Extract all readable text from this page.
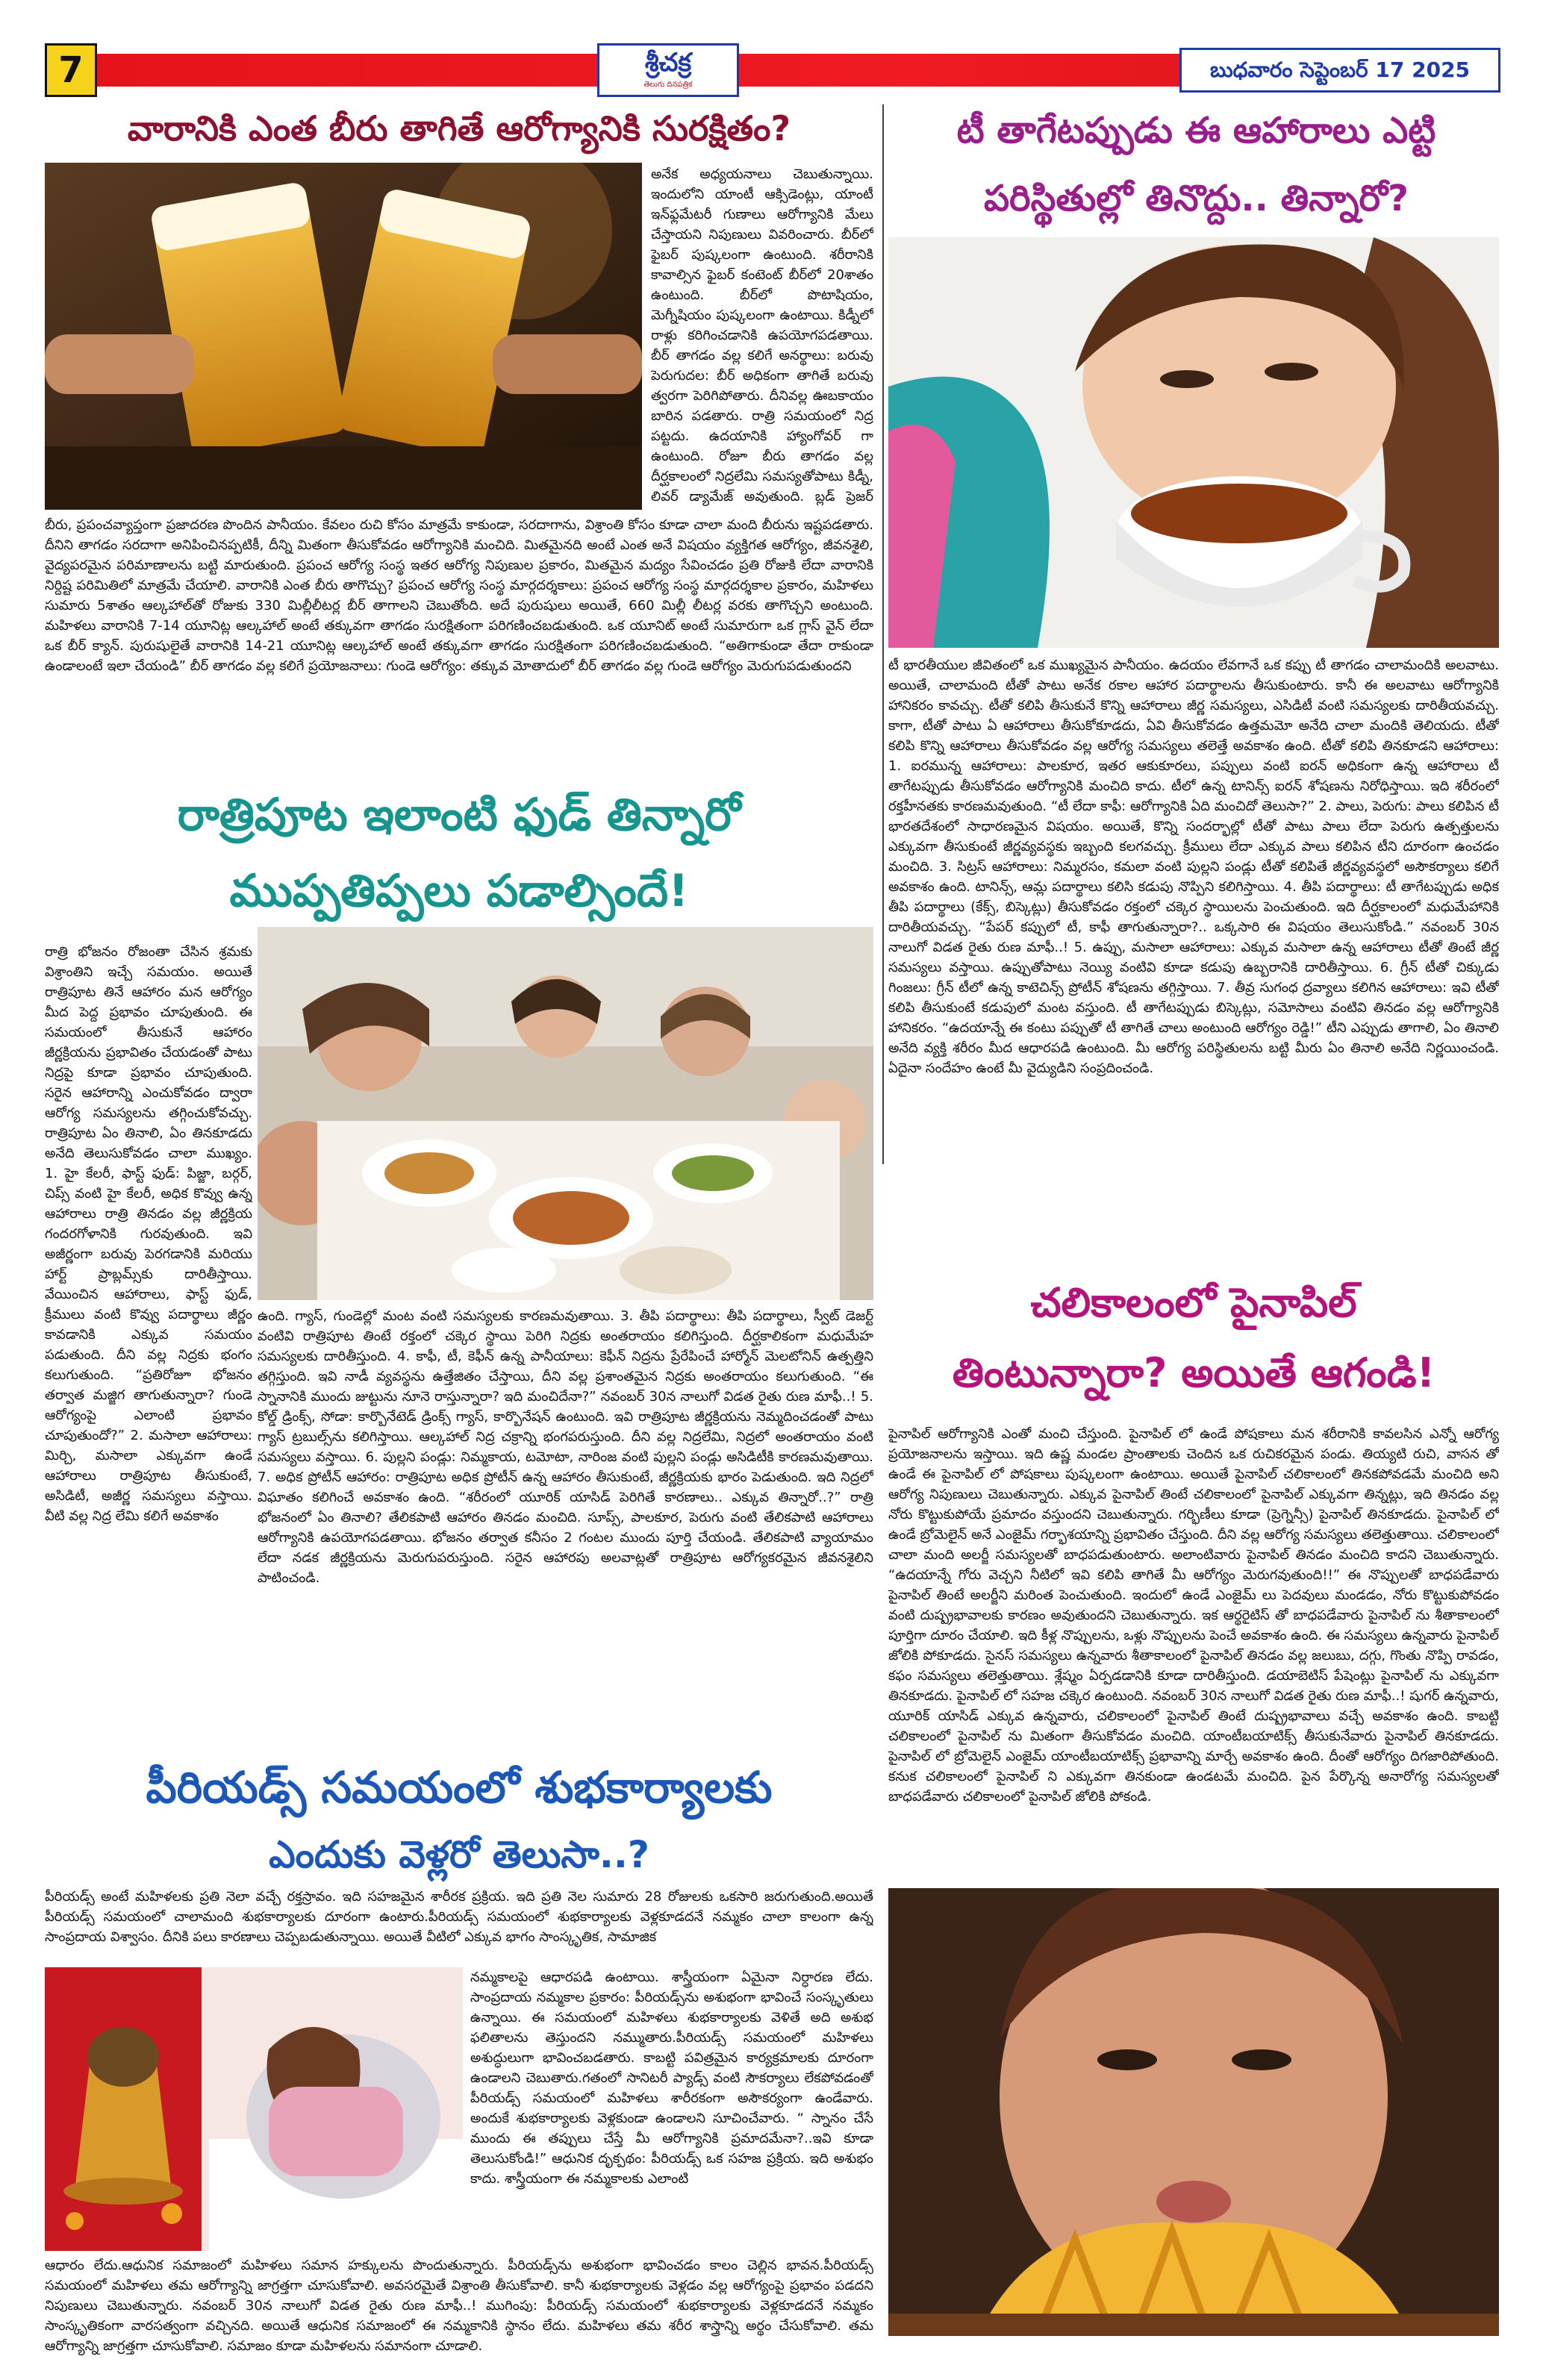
7	శ్రీచక్ర
తెలుగు దినపత్రిక
బుధవారం సెప్టెంబర్ 17 2025
వారానికి ఎంత బీరు తాగితే ఆరోగ్యానికి సురక్షితం?
అనేక అధ్యయనాలు చెబుతున్నాయి. ఇందులోని యాంటీ ఆక్సిడెంట్లు, యాంటీ ఇన్‌ఫ్లమేటరీ గుణాలు ఆరోగ్యానికి మేలు చేస్తాయని నిపుణులు వివరించారు. బీర్‌లో ఫైబర్ పుష్కలంగా ఉంటుంది. శరీరానికి కావాల్సిన ఫైబర్ కంటెంట్ బీర్‌లో 20శాతం ఉంటుంది. బీర్‌లో పొటాషియం, మెగ్నీషియం పుష్కలంగా ఉంటాయి. కిడ్నీలో రాళ్లు కరిగించడానికి ఉపయోగపడతాయి. బీర్ తాగడం వల్ల కలిగే అనర్థాలు: బరువు పెరుగుదల: బీర్ అధికంగా తాగితే బరువు త్వరగా పెరిగిపోతారు. దీనివల్ల ఊబకాయం బారిన పడతారు. రాత్రి సమయంలో నిద్ర పట్టదు. ఉదయానికి హ్యాంగోవర్ గా ఉంటుంది. రోజూ బీరు తాగడం వల్ల దీర్ఘకాలంలో నిద్రలేమి సమస్యతోపాటు కిడ్నీ, లివర్ డ్యామేజ్ అవుతుంది. బ్లడ్ ప్రెజర్
బీరు, ప్రపంచవ్యాప్తంగా ప్రజాదరణ పొందిన పానీయం. కేవలం రుచి కోసం మాత్రమే కాకుండా, సరదాగాను, విశ్రాంతి కోసం కూడా చాలా మంది బీరును ఇష్టపడతారు. దీనిని తాగడం సరదాగా అనిపించినప్పటికీ, దీన్ని మితంగా తీసుకోవడం ఆరోగ్యానికి మంచిది. మితమైనది అంటే ఎంత అనే విషయం వ్యక్తిగత ఆరోగ్యం, జీవనశైలి, వైద్యపరమైన పరిమాణాలను బట్టి మారుతుంది. ప్రపంచ ఆరోగ్య సంస్థ ఇతర ఆరోగ్య నిపుణుల ప్రకారం, మితమైన మద్యం సేవించడం ప్రతి రోజుకి లేదా వారానికి నిర్దిష్ట పరిమితిలో మాత్రమే చేయాలి. వారానికి ఎంత బీరు తాగొచ్చు? ప్రపంచ ఆరోగ్య సంస్థ మార్గదర్శకాలు: ప్రపంచ ఆరోగ్య సంస్థ మార్గదర్శకాల ప్రకారం, మహిళలు సుమారు 5శాతం ఆల్కహాల్‌తో రోజుకు 330 మిల్లీలీటర్ల బీర్ తాగాలని చెబుతోంది. అదే పురుషులు అయితే, 660 మిల్లీ లీటర్ల వరకు తాగొచ్చని అంటుంది. మహిళలు వారానికి 7-14 యూనిట్ల ఆల్కహాల్ అంటే తక్కువగా తాగడం సురక్షితంగా పరిగణించబడుతుంది. ఒక యూనిట్ అంటే సుమారుగా ఒక గ్లాస్ వైన్ లేదా ఒక బీర్ క్యాన్. పురుషులైతే వారానికి 14-21 యూనిట్ల ఆల్కహాల్ అంటే తక్కువగా తాగడం సురక్షితంగా పరిగణించబడుతుంది. “అతిగాకుండా తేదా రాకుండా ఉండాలంటే ఇలా చేయండి” బీర్ తాగడం వల్ల కలిగే ప్రయోజనాలు: గుండె ఆరోగ్యం: తక్కువ మోతాదులో బీర్ తాగడం వల్ల గుండె ఆరోగ్యం మెరుగుపడుతుందని
టీ తాగేటప్పుడు ఈ ఆహారాలు ఎట్టి
పరిస్థితుల్లో తినొద్దు.. తిన్నారో?
టీ భారతీయుల జీవితంలో ఒక ముఖ్యమైన పానీయం. ఉదయం లేవగానే ఒక కప్పు టీ తాగడం చాలామందికి అలవాటు. అయితే, చాలామంది టీతో పాటు అనేక రకాల ఆహార పదార్థాలను తీసుకుంటారు. కానీ ఈ అలవాటు ఆరోగ్యానికి హానికరం కావచ్చు. టీతో కలిపి తీసుకునే కొన్ని ఆహారాలు జీర్ణ సమస్యలు, ఎసిడిటీ వంటి సమస్యలకు దారితీయవచ్చు. కాగా, టీతో పాటు ఏ ఆహారాలు తీసుకోకూడదు, ఏవి తీసుకోవడం ఉత్తమమో అనేది చాలా మందికి తెలియదు. టీతో కలిపి కొన్ని ఆహారాలు తీసుకోవడం వల్ల ఆరోగ్య సమస్యలు తలెత్తే అవకాశం ఉంది. టీతో కలిపి తినకూడని ఆహారాలు: 1. ఐరమున్న ఆహారాలు: పాలకూర, ఇతర ఆకుకూరలు, పప్పులు వంటి ఐరన్ అధికంగా ఉన్న ఆహారాలు టీ తాగేటప్పుడు తీసుకోవడం ఆరోగ్యానికి మంచిది కాదు. టీలో ఉన్న టానిన్స్ ఐరన్ శోషణను నిరోధిస్తాయి. ఇది శరీరంలో రక్తహీనతకు కారణమవుతుంది. “టీ లేదా కాఫీ: ఆరోగ్యానికి ఏది మంచిదో తెలుసా?” 2. పాలు, పెరుగు: పాలు కలిపిన టీ భారతదేశంలో సాధారణమైన విషయం. అయితే, కొన్ని సందర్భాల్లో టీతో పాటు పాలు లేదా పెరుగు ఉత్పత్తులను ఎక్కువగా తీసుకుంటే జీర్ణవ్యవస్థకు ఇబ్బంది కలగవచ్చు. క్రీములు లేదా ఎక్కువ పాలు కలిపిన టీని దూరంగా ఉంచడం మంచిది. 3. సిట్రస్ ఆహారాలు: నిమ్మరసం, కమలా వంటి పుల్లని పండ్లు టీతో కలిపితే జీర్ణవ్యవస్థలో అసౌకర్యాలు కలిగే అవకాశం ఉంది. టానిన్స్, ఆమ్ల పదార్థాలు కలిసి కడుపు నొప్పిని కలిగిస్తాయి. 4. తీపి పదార్థాలు: టీ తాగేటప్పుడు అధిక తీపి పదార్థాలు (కేక్స్, బిస్కెట్లు) తీసుకోవడం రక్తంలో చక్కెర స్థాయిలను పెంచుతుంది. ఇది దీర్ఘకాలంలో మధుమేహానికి దారితీయవచ్చు. “పేపర్ కప్పులో టీ, కాఫీ తాగుతున్నారా?.. ఒక్కసారి ఈ విషయం తెలుసుకోండి.” నవంబర్ 30న నాలుగో విడత రైతు రుణ మాఫీ..! 5. ఉప్పు, మసాలా ఆహారాలు: ఎక్కువ మసాలా ఉన్న ఆహారాలు టీతో తింటే జీర్ణ సమస్యలు వస్తాయి. ఉప్పుతోపాటు నెయ్యి వంటివి కూడా కడుపు ఉబ్బరానికి దారితీస్తాయి. 6. గ్రీన్ టీతో చిక్కుడు గింజలు: గ్రీన్ టీలో ఉన్న కాటెచిన్స్ ప్రోటీన్ శోషణను తగ్గిస్తాయి. 7. తీవ్ర సుగంధ ద్రవ్యాలు కలిగిన ఆహారాలు: ఇవి టీతో కలిపి తీసుకుంటే కడుపులో మంట వస్తుంది. టీ తాగేటప్పుడు బిస్కెట్లు, సమోసాలు వంటివి తినడం వల్ల ఆరోగ్యానికి హానికరం. “ఉదయాన్నే ఈ కంటు పప్పుతో టీ తాగితే చాలు అంటుంది ఆరోగ్యం రెడ్డి!” టీని ఎప్పుడు తాగాలి, ఏం తినాలి అనేది వ్యక్తి శరీరం మీద ఆధారపడి ఉంటుంది. మీ ఆరోగ్య పరిస్థితులను బట్టి మీరు ఏం తినాలి అనేది నిర్ణయించండి. ఏదైనా సందేహం ఉంటే మీ వైద్యుడిని సంప్రదించండి.
రాత్రిపూట ఇలాంటి ఫుడ్ తిన్నారో
ముప్పతిప్పలు పడాల్సిందే!
రాత్రి భోజనం రోజంతా చేసిన శ్రమకు విశ్రాంతిని ఇచ్చే సమయం. అయితే రాత్రిపూట తినే ఆహారం మన ఆరోగ్యం మీద పెద్ద ప్రభావం చూపుతుంది. ఈ సమయంలో తీసుకునే ఆహారం జీర్ణక్రియను ప్రభావితం చేయడంతో పాటు నిద్రపై కూడా ప్రభావం చూపుతుంది. సరైన ఆహారాన్ని ఎంచుకోవడం ద్వారా ఆరోగ్య సమస్యలను తగ్గించుకోవచ్చు. రాత్రిపూట ఏం తినాలి, ఏం తినకూడదు అనేది తెలుసుకోవడం చాలా ముఖ్యం. 1. హై కేలరీ, ఫాస్ట్ ఫుడ్: పిజ్జా, బర్గర్, చిప్స్ వంటి హై కేలరీ, అధిక కొవ్వు ఉన్న ఆహారాలు రాత్రి తినడం వల్ల జీర్ణక్రియ గందరగోళానికి గురవుతుంది. ఇవి అజీర్ణంగా బరువు పెరగడానికి మరియు హార్ట్ ప్రాబ్లమ్స్‌కు దారితీస్తాయి. వేయించిన ఆహారాలు, ఫాస్ట్ ఫుడ్, క్రీములు వంటి కొవ్వు పదార్థాలు జీర్ణం కావడానికి ఎక్కువ సమయం పడుతుంది. దీని వల్ల నిద్రకు భంగం కలుగుతుంది. “ప్రతిరోజూ భోజనం తర్వాత మజ్జిగ తాగుతున్నారా? గుండె ఆరోగ్యంపై ఎలాంటి ప్రభావం చూపుతుందో?” 2. మసాలా ఆహారాలు: మిర్చి, మసాలా ఎక్కువగా ఉండే ఆహారాలు రాత్రిపూట తీసుకుంటే, అసిడిటీ, అజీర్ణ సమస్యలు వస్తాయి. వీటి వల్ల నిద్ర లేమి కలిగే అవకాశం
ఉంది. గ్యాస్, గుండెల్లో మంట వంటి సమస్యలకు కారణమవుతాయి. 3. తీపి పదార్థాలు: తీపి పదార్థాలు, స్వీట్ డెజర్ట్ వంటివి రాత్రిపూట తింటే రక్తంలో చక్కెర స్థాయి పెరిగి నిద్రకు అంతరాయం కలిగిస్తుంది. దీర్ఘకాలికంగా మధుమేహ సమస్యలకు దారితీస్తుంది. 4. కాఫీ, టీ, కెఫీన్ ఉన్న పానీయాలు: కెఫీన్ నిద్రను ప్రేరేపించే హార్మోన్ మెలటోనిన్ ఉత్పత్తిని తగ్గిస్తుంది. ఇవి నాడీ వ్యవస్థను ఉత్తేజితం చేస్తాయి, దీని వల్ల ప్రశాంతమైన నిద్రకు అంతరాయం కలుగుతుంది. “ఈ స్నానానికి ముందు జుట్టును నూనె రాస్తున్నారా? ఇది మంచిదేనా?” నవంబర్ 30న నాలుగో విడత రైతు రుణ మాఫీ..! 5. కోల్డ్ డ్రింక్స్, సోడా: కార్బొనేటెడ్ డ్రింక్స్ గ్యాస్, కార్బొనేషన్ ఉంటుంది. ఇవి రాత్రిపూట జీర్ణక్రియను నెమ్మదించడంతో పాటు గ్యాస్ ట్రబుల్స్‌ను కలిగిస్తాయి. ఆల్కహాల్ నిద్ర చక్రాన్ని భంగపరుస్తుంది. దీని వల్ల నిద్రలేమి, నిద్రలో అంతరాయం వంటి సమస్యలు వస్తాయి. 6. పుల్లని పండ్లు: నిమ్మకాయ, టమోటా, నారింజ వంటి పుల్లని పండ్లు అసిడిటీకి కారణమవుతాయి. 7. అధిక ప్రోటీన్ ఆహారం: రాత్రిపూట అధిక ప్రోటీన్ ఉన్న ఆహారం తీసుకుంటే, జీర్ణక్రియకు భారం పెడుతుంది. ఇది నిద్రలో విఘాతం కలిగించే అవకాశం ఉంది. “శరీరంలో యూరిక్ యాసిడ్ పెరిగితే కారణాలు.. ఎక్కువ తిన్నారో..?” రాత్రి భోజనంలో ఏం తినాలి? తేలికపాటి ఆహారం తినడం మంచిది. సూప్స్, పాలకూర, పెరుగు వంటి తేలికపాటి ఆహారాలు ఆరోగ్యానికి ఉపయోగపడతాయి. భోజనం తర్వాత కనీసం 2 గంటల ముందు పూర్తి చేయండి. తేలికపాటి వ్యాయామం లేదా నడక జీర్ణక్రియను మెరుగుపరుస్తుంది. సరైన ఆహారపు అలవాట్లతో రాత్రిపూట ఆరోగ్యకరమైన జీవనశైలిని పాటించండి.
చలికాలంలో పైనాపిల్
తింటున్నారా? అయితే ఆగండి!
పైనాపిల్ ఆరోగ్యానికి ఎంతో మంచి చేస్తుంది. పైనాపిల్ లో ఉండే పోషకాలు మన శరీరానికి కావలసిన ఎన్నో ఆరోగ్య ప్రయోజనాలను ఇస్తాయి. ఇది ఉష్ణ మండల ప్రాంతాలకు చెందిన ఒక రుచికరమైన పండు. తియ్యటి రుచి, వాసన తో ఉండే ఈ పైనాపిల్ లో పోషకాలు పుష్కలంగా ఉంటాయి. అయితే పైనాపిల్ చలికాలంలో తినకపోవడమే మంచిది అని ఆరోగ్య నిపుణులు చెబుతున్నారు. ఎక్కువ పైనాపిల్ తింటే చలికాలంలో పైనాపిల్ ఎక్కువగా తిన్నట్లు, ఇది తినడం వల్ల నోరు కొట్టుకుపోయే ప్రమాదం వస్తుందని చెబుతున్నారు. గర్భిణీలు కూడా (ప్రెగ్నెన్సీ) పైనాపిల్ తినకూడదు. పైనాపిల్ లో ఉండే బ్రోమెలైన్ అనే ఎంజైమ్ గర్భాశయాన్ని ప్రభావితం చేస్తుంది. దీని వల్ల ఆరోగ్య సమస్యలు తలెత్తుతాయి. చలికాలంలో చాలా మంది అలర్జీ సమస్యలతో బాధపడుతుంటారు. అలాంటివారు పైనాపిల్ తినడం మంచిది కాదని చెబుతున్నారు. “ఉదయాన్నే గోరు వెచ్చని నీటిలో ఇవి కలిపి తాగితే మీ ఆరోగ్యం మెరుగవుతుంది!!” ఈ నొప్పులతో బాధపడేవారు పైనాపిల్ తింటే అలర్జీని మరింత పెంచుతుంది. ఇందులో ఉండే ఎంజైమ్ లు పెదవులు మండడం, నోరు కొట్టుకుపోవడం వంటి దుష్ప్రభావాలకు కారణం అవుతుందని చెబుతున్నారు. ఇక ఆర్థరైటిస్ తో బాధపడేవారు పైనాపిల్ ను శీతాకాలంలో పూర్తిగా దూరం చేయాలి. ఇది కీళ్ల నొప్పులను, ఒళ్లు నొప్పులను పెంచే అవకాశం ఉంది. ఈ సమస్యలు ఉన్నవారు పైనాపిల్ జోలికి పోకూడదు. సైనస్ సమస్యలు ఉన్నవారు శీతాకాలంలో పైనాపిల్ తినడం వల్ల జలుబు, దగ్గు, గొంతు నొప్పి రావడం, కఫం సమస్యలు తలెత్తుతాయి. శ్లేష్మం ఏర్పడడానికి కూడా దారితీస్తుంది. డయాబెటిస్ పేషెంట్లు పైనాపిల్ ను ఎక్కువగా తినకూడదు. పైనాపిల్ లో సహజ చక్కెర ఉంటుంది. నవంబర్ 30న నాలుగో విడత రైతు రుణ మాఫీ..! షుగర్ ఉన్నవారు, యూరిక్ యాసిడ్ ఎక్కువ ఉన్నవారు, చలికాలంలో పైనాపిల్ తింటే దుష్ప్రభావాలు వచ్చే అవకాశం ఉంది. కాబట్టి చలికాలంలో పైనాపిల్ ను మితంగా తీసుకోవడం మంచిది. యాంటీబయాటిక్స్ తీసుకునేవారు పైనాపిల్ తినకూడదు. పైనాపిల్ లో బ్రోమెలైన్ ఎంజైమ్ యాంటీబయాటిక్స్ ప్రభావాన్ని మార్చే అవకాశం ఉంది. దీంతో ఆరోగ్యం దిగజారిపోతుంది. కనుక చలికాలంలో పైనాపిల్ ని ఎక్కువగా తినకుండా ఉండటమే మంచిది. పైన పేర్కొన్న అనారోగ్య సమస్యలతో బాధపడేవారు చలికాలంలో పైనాపిల్ జోలికి పోకండి.
పీరియడ్స్ సమయంలో శుభకార్యాలకు
ఎందుకు వెళ్లరో తెలుసా..?
పీరియడ్స్ అంటే మహిళలకు ప్రతి నెలా వచ్చే రక్తస్రావం. ఇది సహజమైన శారీరక ప్రక్రియ. ఇది ప్రతి నెల సుమారు 28 రోజులకు ఒకసారి జరుగుతుంది.అయితే పీరియడ్స్ సమయంలో చాలామంది శుభకార్యాలకు దూరంగా ఉంటారు.పీరియడ్స్ సమయంలో శుభకార్యాలకు వెళ్లకూడదనే నమ్మకం చాలా కాలంగా ఉన్న సాంప్రదాయ విశ్వాసం. దీనికి పలు కారణాలు చెప్పబడుతున్నాయి. అయితే వీటిలో ఎక్కువ భాగం సాంస్కృతిక, సామాజిక
నమ్మకాలపై ఆధారపడి ఉంటాయి. శాస్త్రీయంగా ఏమైనా నిర్ధారణ లేదు. సాంప్రదాయ నమ్మకాల ప్రకారం: పీరియడ్స్‌ను అశుభంగా భావించే సంస్కృతులు ఉన్నాయి. ఈ సమయంలో మహిళలు శుభకార్యాలకు వెళితే అది అశుభ ఫలితాలను తెస్తుందని నమ్ముతారు.పీరియడ్స్ సమయంలో మహిళలు అశుద్ధులుగా భావించబడతారు. కాబట్టి పవిత్రమైన కార్యక్రమాలకు దూరంగా ఉండాలని చెబుతారు.గతంలో సానిటరీ ప్యాడ్స్ వంటి సౌకర్యాలు లేకపోవడంతో పీరియడ్స్ సమయంలో మహిళలు శారీరకంగా అసౌకర్యంగా ఉండేవారు. అందుకే శుభకార్యాలకు వెళ్లకుండా ఉండాలని సూచించేవారు. “ స్నానం చేసే ముందు ఈ తప్పులు చేస్తే మీ ఆరోగ్యానికి ప్రమాదమేనా?..ఇవి కూడా తెలుసుకోండి!” ఆధునిక దృక్పథం: పీరియడ్స్ ఒక సహజ ప్రక్రియ. ఇది అశుభం కాదు. శాస్త్రీయంగా ఈ నమ్మకాలకు ఎలాంటి
ఆధారం లేదు.ఆధునిక సమాజంలో మహిళలు సమాన హక్కులను పొందుతున్నారు. పీరియడ్స్‌ను అశుభంగా భావించడం కాలం చెల్లిన భావన.పీరియడ్స్ సమయంలో మహిళలు తమ ఆరోగ్యాన్ని జాగ్రత్తగా చూసుకోవాలి. అవసరమైతే విశ్రాంతి తీసుకోవాలి. కానీ శుభకార్యాలకు వెళ్లడం వల్ల ఆరోగ్యంపై ప్రభావం పడదని నిపుణులు చెబుతున్నారు. నవంబర్ 30న నాలుగో విడత రైతు రుణ మాఫీ..! ముగింపు: పీరియడ్స్ సమయంలో శుభకార్యాలకు వెళ్లకూడదనే నమ్మకం సాంస్కృతికంగా వారసత్వంగా వచ్చినది. అయితే ఆధునిక సమాజంలో ఈ నమ్మకానికి స్థానం లేదు. మహిళలు తమ శరీర శాస్త్రాన్ని అర్థం చేసుకోవాలి. తమ ఆరోగ్యాన్ని జాగ్రత్తగా చూసుకోవాలి. సమాజం కూడా మహిళలను సమానంగా చూడాలి.
